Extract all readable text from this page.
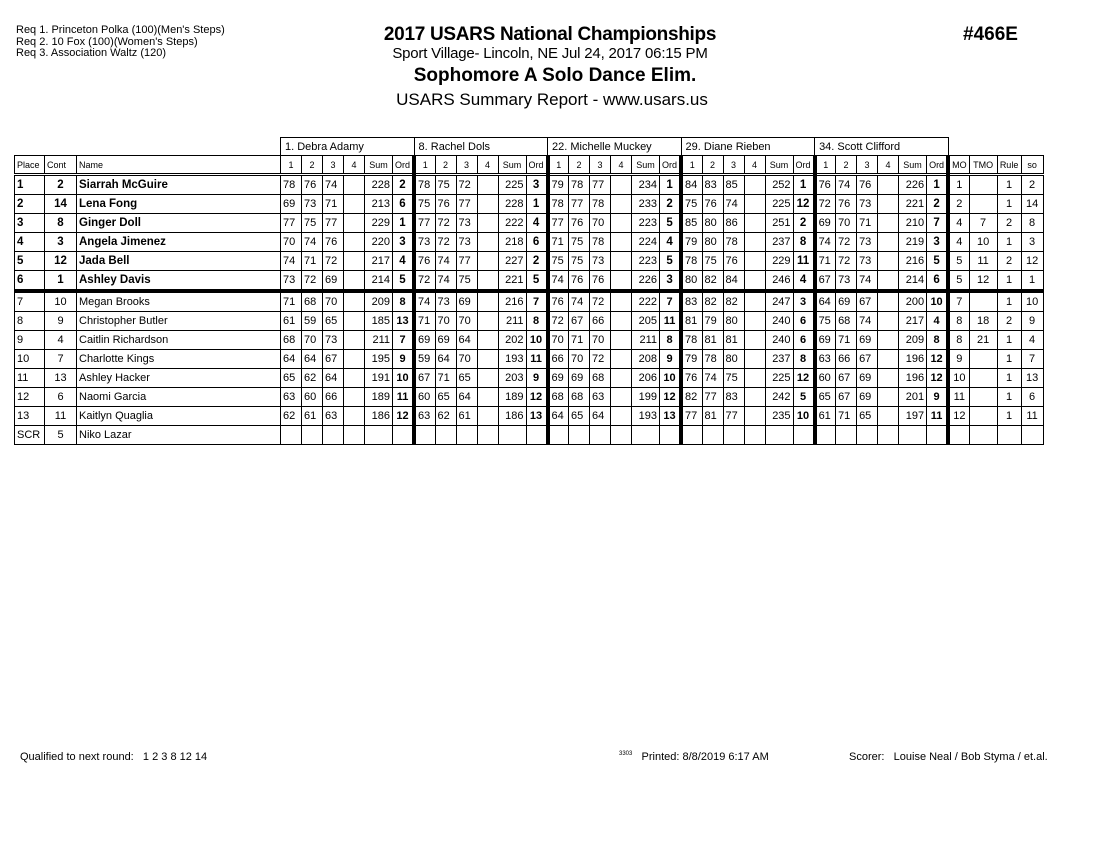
Req 1. Princeton Polka (100)(Men's Steps)
Req 2. 10 Fox (100)(Women's Steps)
Req 3. Association Waltz (120)
2017 USARS National Championships
Sport Village- Lincoln, NE Jul 24, 2017 06:15 PM
Sophomore A Solo Dance Elim.
USARS Summary Report - www.usars.us
#466E
			1. Debra Adamy						8. Rachel Dols						22. Michelle Muckey						29. Diane Rieben						34. Scott Clifford									
Place	Cont	Name	1	2	3	4	Sum	Ord	1	2	3	4	Sum	Ord	1	2	3	4	Sum	Ord	1	2	3	4	Sum	Ord	1	2	3	4	Sum	Ord	MO	TMO	Rule	so
1	2	Siarrah McGuire	78	76	74		228	2	78	75	72		225	3	79	78	77		234	1	84	83	85		252	1	76	74	76		226	1	1		1	2
2	14	Lena Fong	69	73	71		213	6	75	76	77		228	1	78	77	78		233	2	75	76	74		225	12	72	76	73		221	2	2		1	14
3	8	Ginger Doll	77	75	77		229	1	77	72	73		222	4	77	76	70		223	5	85	80	86		251	2	69	70	71		210	7	4	7	2	8
4	3	Angela Jimenez	70	74	76		220	3	73	72	73		218	6	71	75	78		224	4	79	80	78		237	8	74	72	73		219	3	4	10	1	3
5	12	Jada Bell	74	71	72		217	4	76	74	77		227	2	75	75	73		223	5	78	75	76		229	11	71	72	73		216	5	5	11	2	12
6	1	Ashley Davis	73	72	69		214	5	72	74	75		221	5	74	76	76		226	3	80	82	84		246	4	67	73	74		214	6	5	12	1	1
7	10	Megan Brooks	71	68	70		209	8	74	73	69		216	7	76	74	72		222	7	83	82	82		247	3	64	69	67		200	10	7		1	10
8	9	Christopher Butler	61	59	65		185	13	71	70	70		211	8	72	67	66		205	11	81	79	80		240	6	75	68	74		217	4	8	18	2	9
9	4	Caitlin Richardson	68	70	73		211	7	69	69	64		202	10	70	71	70		211	8	78	81	81		240	6	69	71	69		209	8	8	21	1	4
10	7	Charlotte Kings	64	64	67		195	9	59	64	70		193	11	66	70	72		208	9	79	78	80		237	8	63	66	67		196	12	9		1	7
11	13	Ashley Hacker	65	62	64		191	10	67	71	65		203	9	69	69	68		206	10	76	74	75		225	12	60	67	69		196	12	10		1	13
12	6	Naomi Garcia	63	60	66		189	11	60	65	64		189	12	68	68	63		199	12	82	77	83		242	5	65	67	69		201	9	11		1	6
13	11	Kaitlyn Quaglia	62	61	63		186	12	63	62	61		186	13	64	65	64		193	13	77	81	77		235	10	61	71	65		197	11	12		1	11
SCR	5	Niko Lazar																																		
Qualified to next round: 1 2 3 8 12 14	$^{3303}$ Printed: 8/8/2019 6:17 AM	Scorer: Louise Neal / Bob Styma / et.al.
